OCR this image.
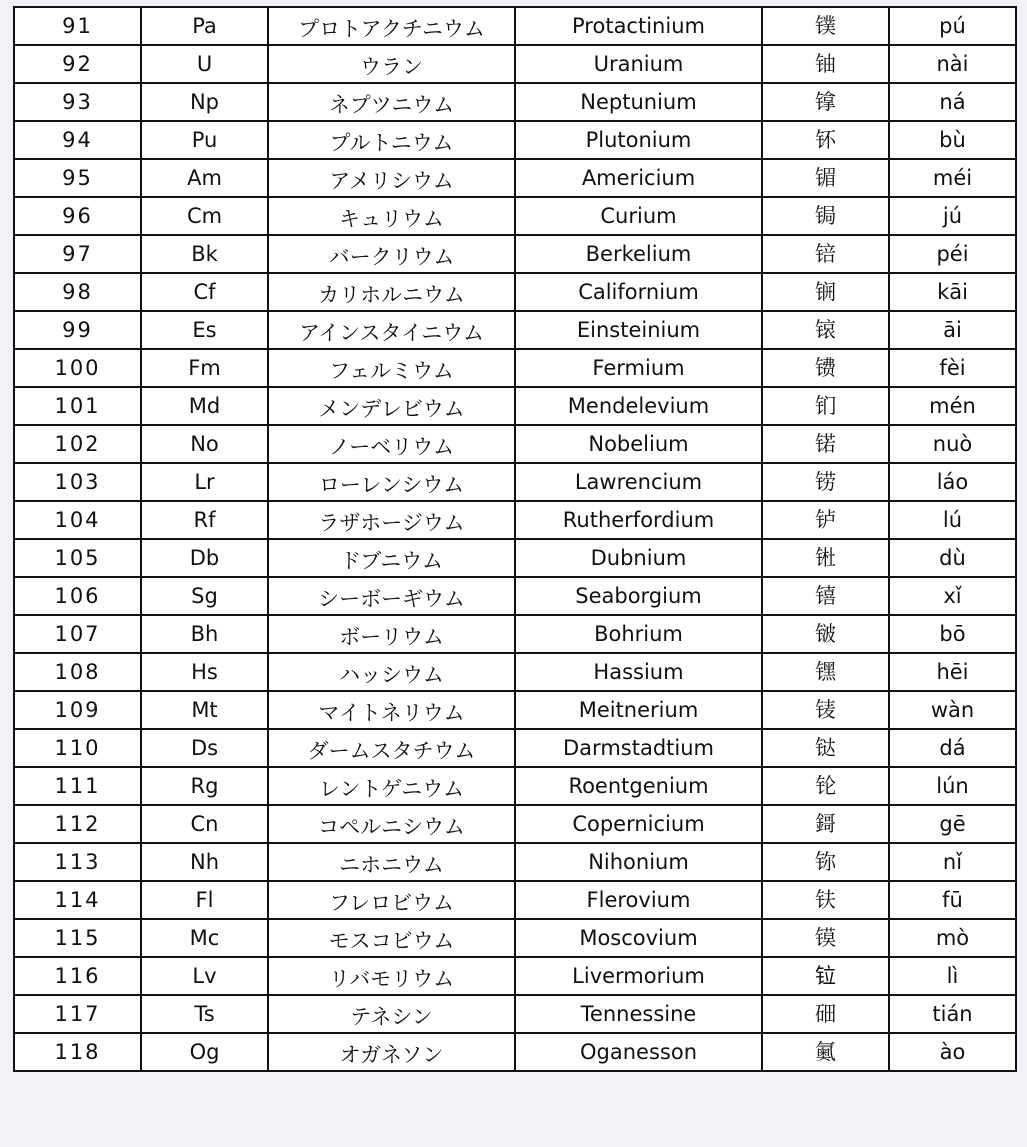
91	Pa	プロトアクチニウム	Protactinium	镤	pú
92	U	ウラン	Uranium	铀	nài
93	Np	ネプツニウム	Neptunium	镎	ná
94	Pu	プルトニウム	Plutonium	钚	bù
95	Am	アメリシウム	Americium	镅	méi
96	Cm	キュリウム	Curium	锔	jú
97	Bk	バークリウム	Berkelium	锫	péi
98	Cf	カリホルニウム	Californium	锎	kāi
99	Es	アインスタイニウム	Einsteinium	锿	āi
100	Fm	フェルミウム	Fermium	镄	fèi
101	Md	メンデレビウム	Mendelevium	钔	mén
102	No	ノーベリウム	Nobelium	锘	nuò
103	Lr	ローレンシウム	Lawrencium	铹	láo
104	Rf	ラザホージウム	Rutherfordium	𬬻	lú
105	Db	ドブニウム	Dubnium	𬭊	dù
106	Sg	シーボーギウム	Seaborgium	𬭳	xǐ
107	Bh	ボーリウム	Bohrium	𬭛	bō
108	Hs	ハッシウム	Hassium	𬭶	hēi
109	Mt	マイトネリウム	Meitnerium	鿏	wàn
110	Ds	ダームスタチウム	Darmstadtium	𫟼	dá
111	Rg	レントゲニウム	Roentgenium	𬬭	lún
112	Cn	コペルニシウム	Copernicium	鎶	gē
113	Nh	ニホニウム	Nihonium	鿭	nǐ
114	Fl	フレロビウム	Flerovium	𫓧	fū
115	Mc	モスコビウム	Moscovium	镆	mò
116	Lv	リバモリウム	Livermorium	𫟷	lì
117	Ts	テネシン	Tennessine	鿬	tián
118	Og	オガネソン	Oganesson	鿫	ào
